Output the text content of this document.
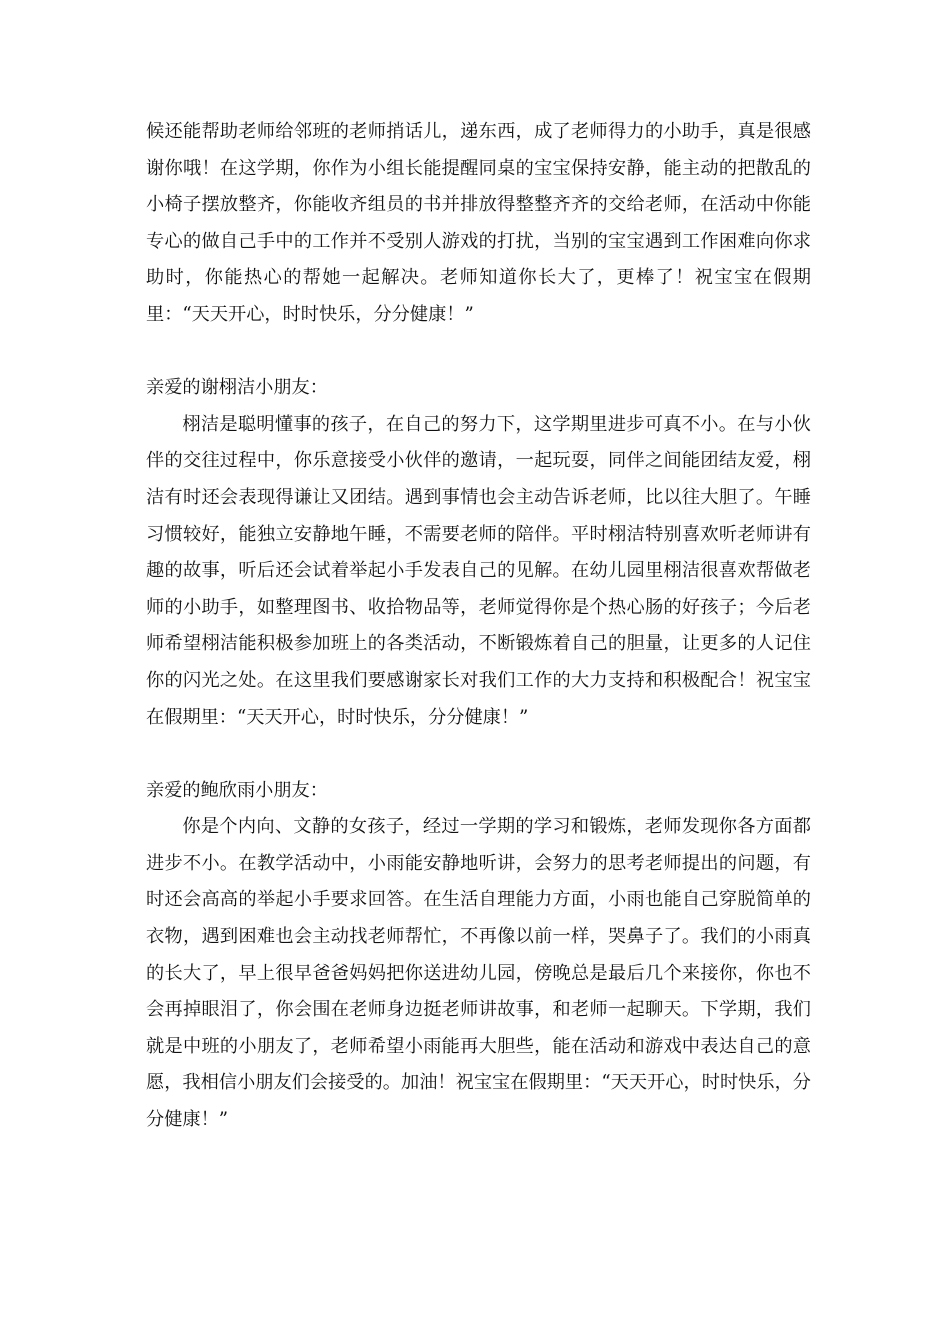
候还能帮助老师给邻班的老师捎话儿，递东西，成了老师得力的小助手，真是很感谢你哦！在这学期，你作为小组长能提醒同桌的宝宝保持安静，能主动的把散乱的小椅子摆放整齐，你能收齐组员的书并排放得整整齐齐的交给老师，在活动中你能专心的做自己手中的工作并不受别人游戏的打扰，当别的宝宝遇到工作困难向你求助时，你能热心的帮她一起解决。老师知道你长大了，更棒了！祝宝宝在假期里：“天天开心，时时快乐，分分健康！”

亲爱的谢栩洁小朋友：

栩洁是聪明懂事的孩子，在自己的努力下，这学期里进步可真不小。在与小伙伴的交往过程中，你乐意接受小伙伴的邀请，一起玩耍，同伴之间能团结友爱，栩洁有时还会表现得谦让又团结。遇到事情也会主动告诉老师，比以往大胆了。午睡习惯较好，能独立安静地午睡，不需要老师的陪伴。平时栩洁特别喜欢听老师讲有趣的故事，听后还会试着举起小手发表自己的见解。在幼儿园里栩洁很喜欢帮做老师的小助手，如整理图书、收拾物品等，老师觉得你是个热心肠的好孩子；今后老师希望栩洁能积极参加班上的各类活动，不断锻炼着自己的胆量，让更多的人记住你的闪光之处。在这里我们要感谢家长对我们工作的大力支持和积极配合！祝宝宝在假期里：“天天开心，时时快乐，分分健康！”

亲爱的鲍欣雨小朋友：

你是个内向、文静的女孩子，经过一学期的学习和锻炼，老师发现你各方面都进步不小。在教学活动中，小雨能安静地听讲，会努力的思考老师提出的问题，有时还会高高的举起小手要求回答。在生活自理能力方面，小雨也能自己穿脱简单的衣物，遇到困难也会主动找老师帮忙，不再像以前一样，哭鼻子了。我们的小雨真的长大了，早上很早爸爸妈妈把你送进幼儿园，傍晚总是最后几个来接你，你也不会再掉眼泪了，你会围在老师身边挺老师讲故事，和老师一起聊天。下学期，我们就是中班的小朋友了，老师希望小雨能再大胆些，能在活动和游戏中表达自己的意愿，我相信小朋友们会接受的。加油！祝宝宝在假期里：“天天开心，时时快乐，分分健康！”
